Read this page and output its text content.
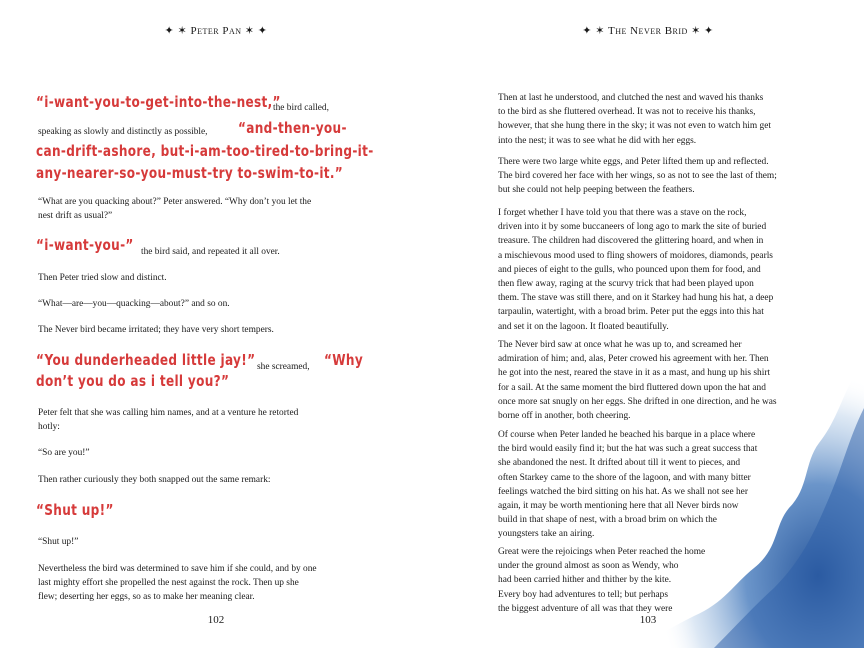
✦ ✶ Peter Pan ✶ ✦
“i-want-you-to-get-into-the-nest,”
the bird called,
speaking as slowly and distinctly as possible, “and-then-you-
can-drift-ashore, but-i-am-too-tired-to-bring-it-
any-nearer-so-you-must-try to-swim-to-it.”
“What are you quacking about?” Peter answered. “Why don’t you let the
nest drift as usual?”
“i-want-you-” the bird said, and repeated it all over.
Then Peter tried slow and distinct.
“What—are—you—quacking—about?” and so on.
The Never bird became irritated; they have very short tempers.
“You dunderheaded little jay!” she screamed, “Why
don’t you do as i tell you?”
Peter felt that she was calling him names, and at a venture he retorted
hotly:
“So are you!”
Then rather curiously they both snapped out the same remark:
“Shut up!”
“Shut up!”
Nevertheless the bird was determined to save him if she could, and by one
last mighty effort she propelled the nest against the rock. Then up she
flew; deserting her eggs, so as to make her meaning clear.
102
✦ ✶ The Never Brid ✶ ✦
Then at last he understood, and clutched the nest and waved his thanks
to the bird as she fluttered overhead. It was not to receive his thanks,
however, that she hung there in the sky; it was not even to watch him get
into the nest; it was to see what he did with her eggs.
There were two large white eggs, and Peter lifted them up and reflected.
The bird covered her face with her wings, so as not to see the last of them;
but she could not help peeping between the feathers.
I forget whether I have told you that there was a stave on the rock,
driven into it by some buccaneers of long ago to mark the site of buried
treasure. The children had discovered the glittering hoard, and when in
a mischievous mood used to fling showers of moidores, diamonds, pearls
and pieces of eight to the gulls, who pounced upon them for food, and
then flew away, raging at the scurvy trick that had been played upon
them. The stave was still there, and on it Starkey had hung his hat, a deep
tarpaulin, watertight, with a broad brim. Peter put the eggs into this hat
and set it on the lagoon. It floated beautifully.
The Never bird saw at once what he was up to, and screamed her
admiration of him; and, alas, Peter crowed his agreement with her. Then
he got into the nest, reared the stave in it as a mast, and hung up his shirt
for a sail. At the same moment the bird fluttered down upon the hat and
once more sat snugly on her eggs. She drifted in one direction, and he was
borne off in another, both cheering.
Of course when Peter landed he beached his barque in a place where
the bird would easily find it; but the hat was such a great success that
she abandoned the nest. It drifted about till it went to pieces, and
often Starkey came to the shore of the lagoon, and with many bitter
feelings watched the bird sitting on his hat. As we shall not see her
again, it may be worth mentioning here that all Never birds now
build in that shape of nest, with a broad brim on which the
youngsters take an airing.
Great were the rejoicings when Peter reached the home
under the ground almost as soon as Wendy, who
had been carried hither and thither by the kite.
Every boy had adventures to tell; but perhaps
the biggest adventure of all was that they were
103
